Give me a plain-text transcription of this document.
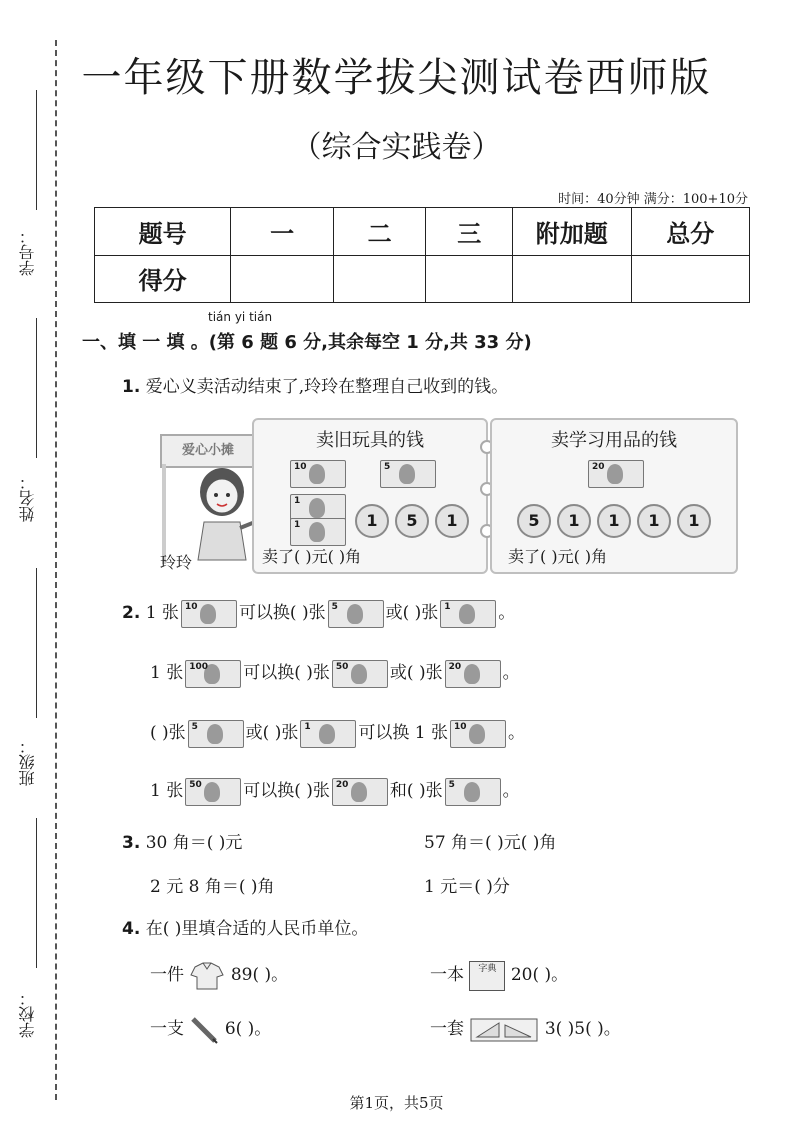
一年级下册数学拔尖测试卷西师版
（综合实践卷）
时间：40分钟 满分：100+10分
题号	一	二	三	附加题	总分
得分					
学号：
姓名：
班级：
学校：
tián yi tián
一、填 一 填 。(第 6 题 6 分,其余每空 1 分,共 33 分)
1. 爱心义卖活动结束了,玲玲在整理自己收到的钱。
爱心小摊
玲玲
卖旧玩具的钱
10	5
1
1	1 5 1
卖了( )元( )角
卖学习用品的钱
20
5 1 1 1 1
卖了( )元( )角
2. 1 张 10 可以换( )张 5	或( )张 1	。
1 张 100 可以换( )张 50 或( )张 20 。
( )张 5	或( )张 1	可以换 1 张 10 。
1 张 50 可以换( )张 20 和( )张 5	。
3. 30 角＝( )元	57 角＝( )元( )角
2 元 8 角＝( )角	1 元＝( )分
4. 在( )里填合适的人民币单位。
一件	89( )。	一本 字典 20( )。
一支 6( )。	一套	3( )5( )。
第1页，共5页
